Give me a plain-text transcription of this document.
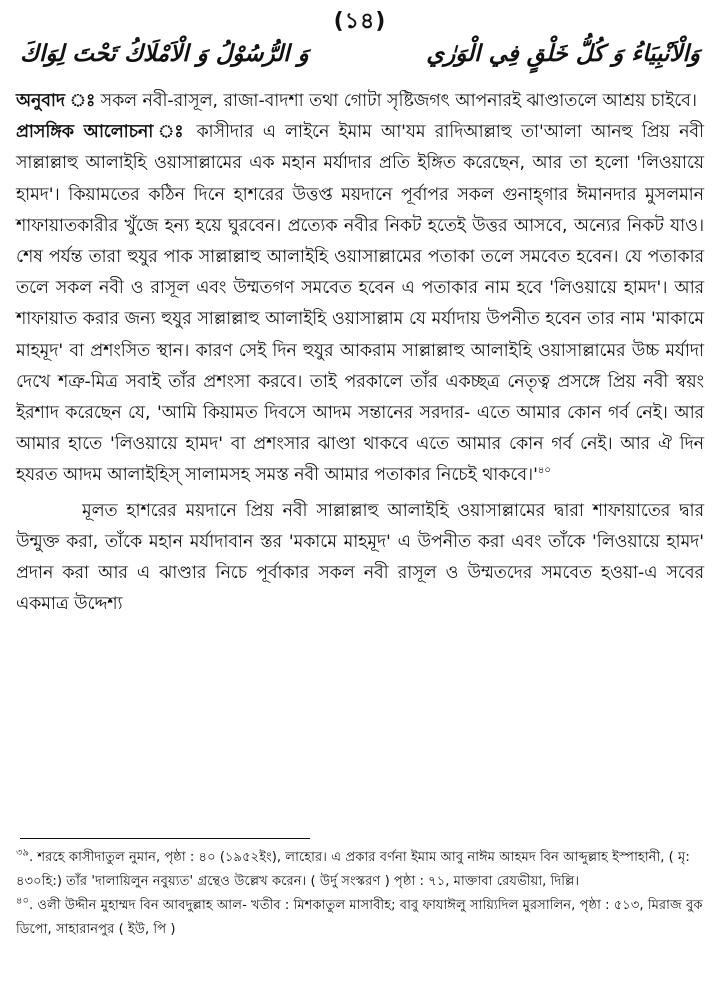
(১৪)
وَالْاَنْبِيَاءُ وَ كُلُّ خَلْقٍ فِي الْوَرٰي
وَ الرُّسُوْلُ وَ الْاَمْلَاكُ تَحْتَ لِوَاكَ

অনুবাদ ঃ সকল নবী-রাসূল, রাজা-বাদশা তথা গোটা সৃষ্টিজগৎ আপনারই ঝাণ্ডাতলে আশ্রয় চাইবে।

প্রাসঙ্গিক আলোচনা ঃ কাসীদার এ লাইনে ইমাম আ'যম রাদিআল্লাহু তা'আলা আনহু প্রিয় নবী সাল্লাল্লাহু আলাইহি ওয়াসাল্লামের এক মহান মর্যাদার প্রতি ইঙ্গিত করেছেন, আর তা হলো 'লিওয়ায়ে হামদ'। কিয়ামতের কঠিন দিনে হাশরের উত্তপ্ত ময়দানে পূর্বাপর সকল গুনাহ্গার ঈমানদার মুসলমান শাফায়াতকারীর খুঁজে হন্য হয়ে ঘুরবেন। প্রত্যেক নবীর নিকট হতেই উত্তর আসবে, অন্যের নিকট যাও। শেষ পর্যন্ত তারা হুযুর পাক সাল্লাল্লাহু আলাইহি ওয়াসাল্লামের পতাকা তলে সমবেত হবেন। যে পতাকার তলে সকল নবী ও রাসূল এবং উম্মতগণ সমবেত হবেন এ পতাকার নাম হবে 'লিওয়ায়ে হামদ'। আর শাফায়াত করার জন্য হুযুর সাল্লাল্লাহু আলাইহি ওয়াসাল্লাম যে মর্যাদায় উপনীত হবেন তার নাম 'মাকামে মাহমূদ' বা প্রশংসিত স্থান। কারণ সেই দিন হুযুর আকরাম সাল্লাল্লাহু আলাইহি ওয়াসাল্লামের উচ্চ মর্যাদা দেখে শত্রু-মিত্র সবাই তাঁর প্রশংসা করবে। তাই পরকালে তাঁর একচ্ছত্র নেতৃত্ব প্রসঙ্গে প্রিয় নবী স্বয়ং ইরশাদ করেছেন যে, 'আমি কিয়ামত দিবসে আদম সন্তানের সরদার- এতে আমার কোন গর্ব নেই। আর আমার হাতে 'লিওয়ায়ে হামদ' বা প্রশংসার ঝাণ্ডা থাকবে এতে আমার কোন গর্ব নেই। আর ঐ দিন হযরত আদম আলাইহিস্ সালামসহ সমস্ত নবী আমার পতাকার নিচেই $থাকবে।'^{৪০}$

মূলত হাশরের ময়দানে প্রিয় নবী সাল্লাল্লাহু আলাইহি ওয়াসাল্লামের দ্বারা শাফায়াতের দ্বার উন্মুক্ত করা, তাঁকে মহান মর্যাদাবান স্তর 'মকামে মাহমূদ' এ উপনীত করা এবং তাঁকে 'লিওয়ায়ে হামদ' প্রদান করা আর এ ঝাণ্ডার নিচে পূর্বাকার সকল নবী রাসূল ও উম্মতদের সমবেত হওয়া-এ সবের একমাত্র উদ্দেশ্য

$^{৩৯}$. শরহে কাসীদাতুল নুমান, পৃষ্ঠা : ৪০ (১৯৫২ইং), লাহোর। এ প্রকার বর্ণনা ইমাম আবু নাঈম আহমদ বিন আব্দুল্লাহ ইস্পাহানী, ( মৃ: ৪৩০হি:) তাঁর 'দালায়িলুন নবুয়্যত' গ্রন্থেও উল্লেখ করেন। ( উর্দু সংস্করণ ) পৃষ্ঠা : ৭১, মাক্তাবা রেযভীয়া, দিল্লি।

$^{৪০}$. ওলী উদ্দীন মুহাম্মদ বিন আবদুল্লাহ আল- খতীব : মিশকাতুল মাসাবীহ; বাবু ফাযাঈলু সায়্যিদিল মুরসালিন, পৃষ্ঠা : ৫১৩, মিরাজ বুক ডিপো, সাহারানপুর ( ইউ, পি )
